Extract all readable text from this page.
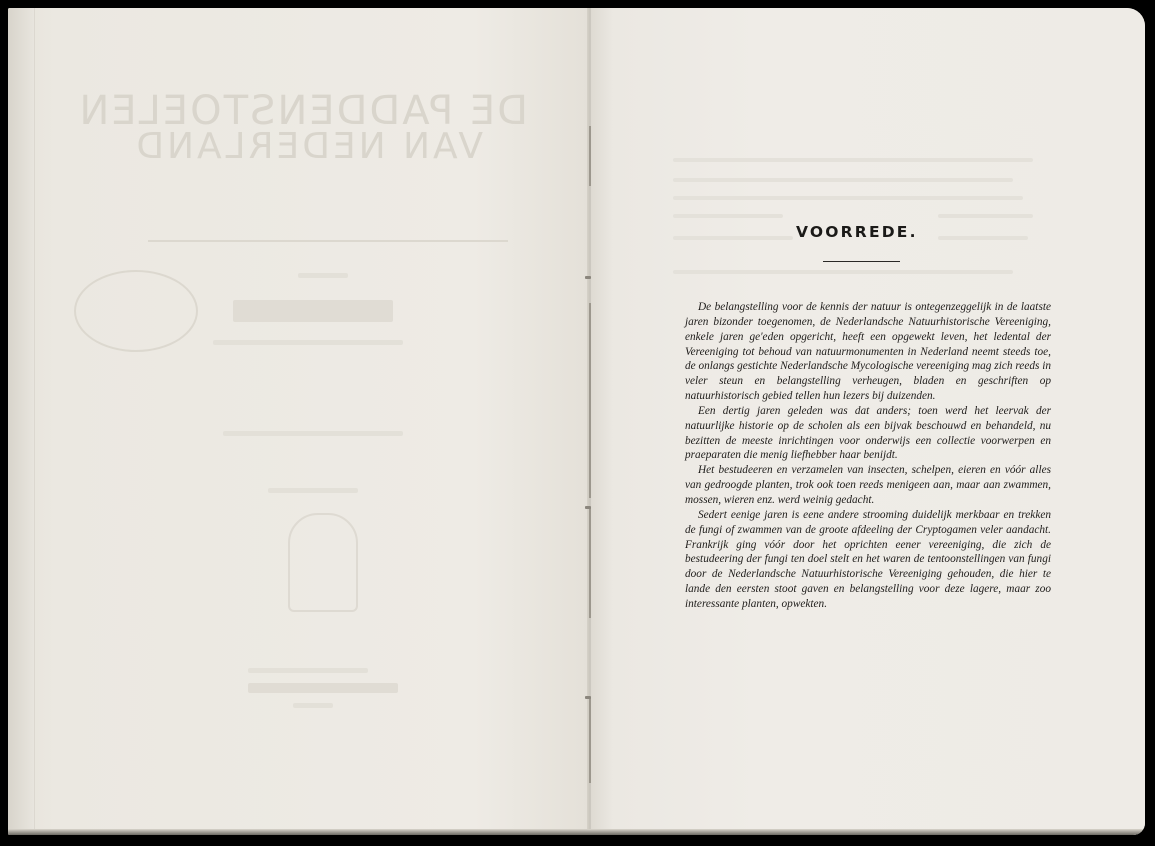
DE PADDENSTOELEN
VAN NEDERLAND
VOORREDE.

De belangstelling voor de kennis der natuur is ontegenzeggelijk in de laatste jaren bizonder toegenomen, de Nederlandsche Natuurhistorische Vereeniging, enkele jaren ge'eden opgericht, heeft een opgewekt leven, het ledental der Vereeniging tot behoud van natuurmonumenten in Nederland neemt steeds toe, de onlangs gestichte Nederlandsche Mycologische vereeniging mag zich reeds in veler steun en belangstelling verheugen, bladen en geschriften op natuurhistorisch gebied tellen hun lezers bij duizenden.

Een dertig jaren geleden was dat anders; toen werd het leervak der natuurlijke historie op de scholen als een bijvak beschouwd en behandeld, nu bezitten de meeste inrichtingen voor onderwijs een collectie voorwerpen en praeparaten die menig liefhebber haar benijdt.

Het bestudeeren en verzamelen van insecten, schelpen, eieren en vóór alles van gedroogde planten, trok ook toen reeds menigeen aan, maar aan zwammen, mossen, wieren enz. werd weinig gedacht.

Sedert eenige jaren is eene andere strooming duidelijk merkbaar en trekken de fungi of zwammen van de groote afdeeling der Cryptogamen veler aandacht. Frankrijk ging vóór door het oprichten eener vereeniging, die zich de bestudeering der fungi ten doel stelt en het waren de tentoonstellingen van fungi door de Nederlandsche Natuurhistorische Vereeniging gehouden, die hier te lande den eersten stoot gaven en belangstelling voor deze lagere, maar zoo interessante planten, opwekten.
